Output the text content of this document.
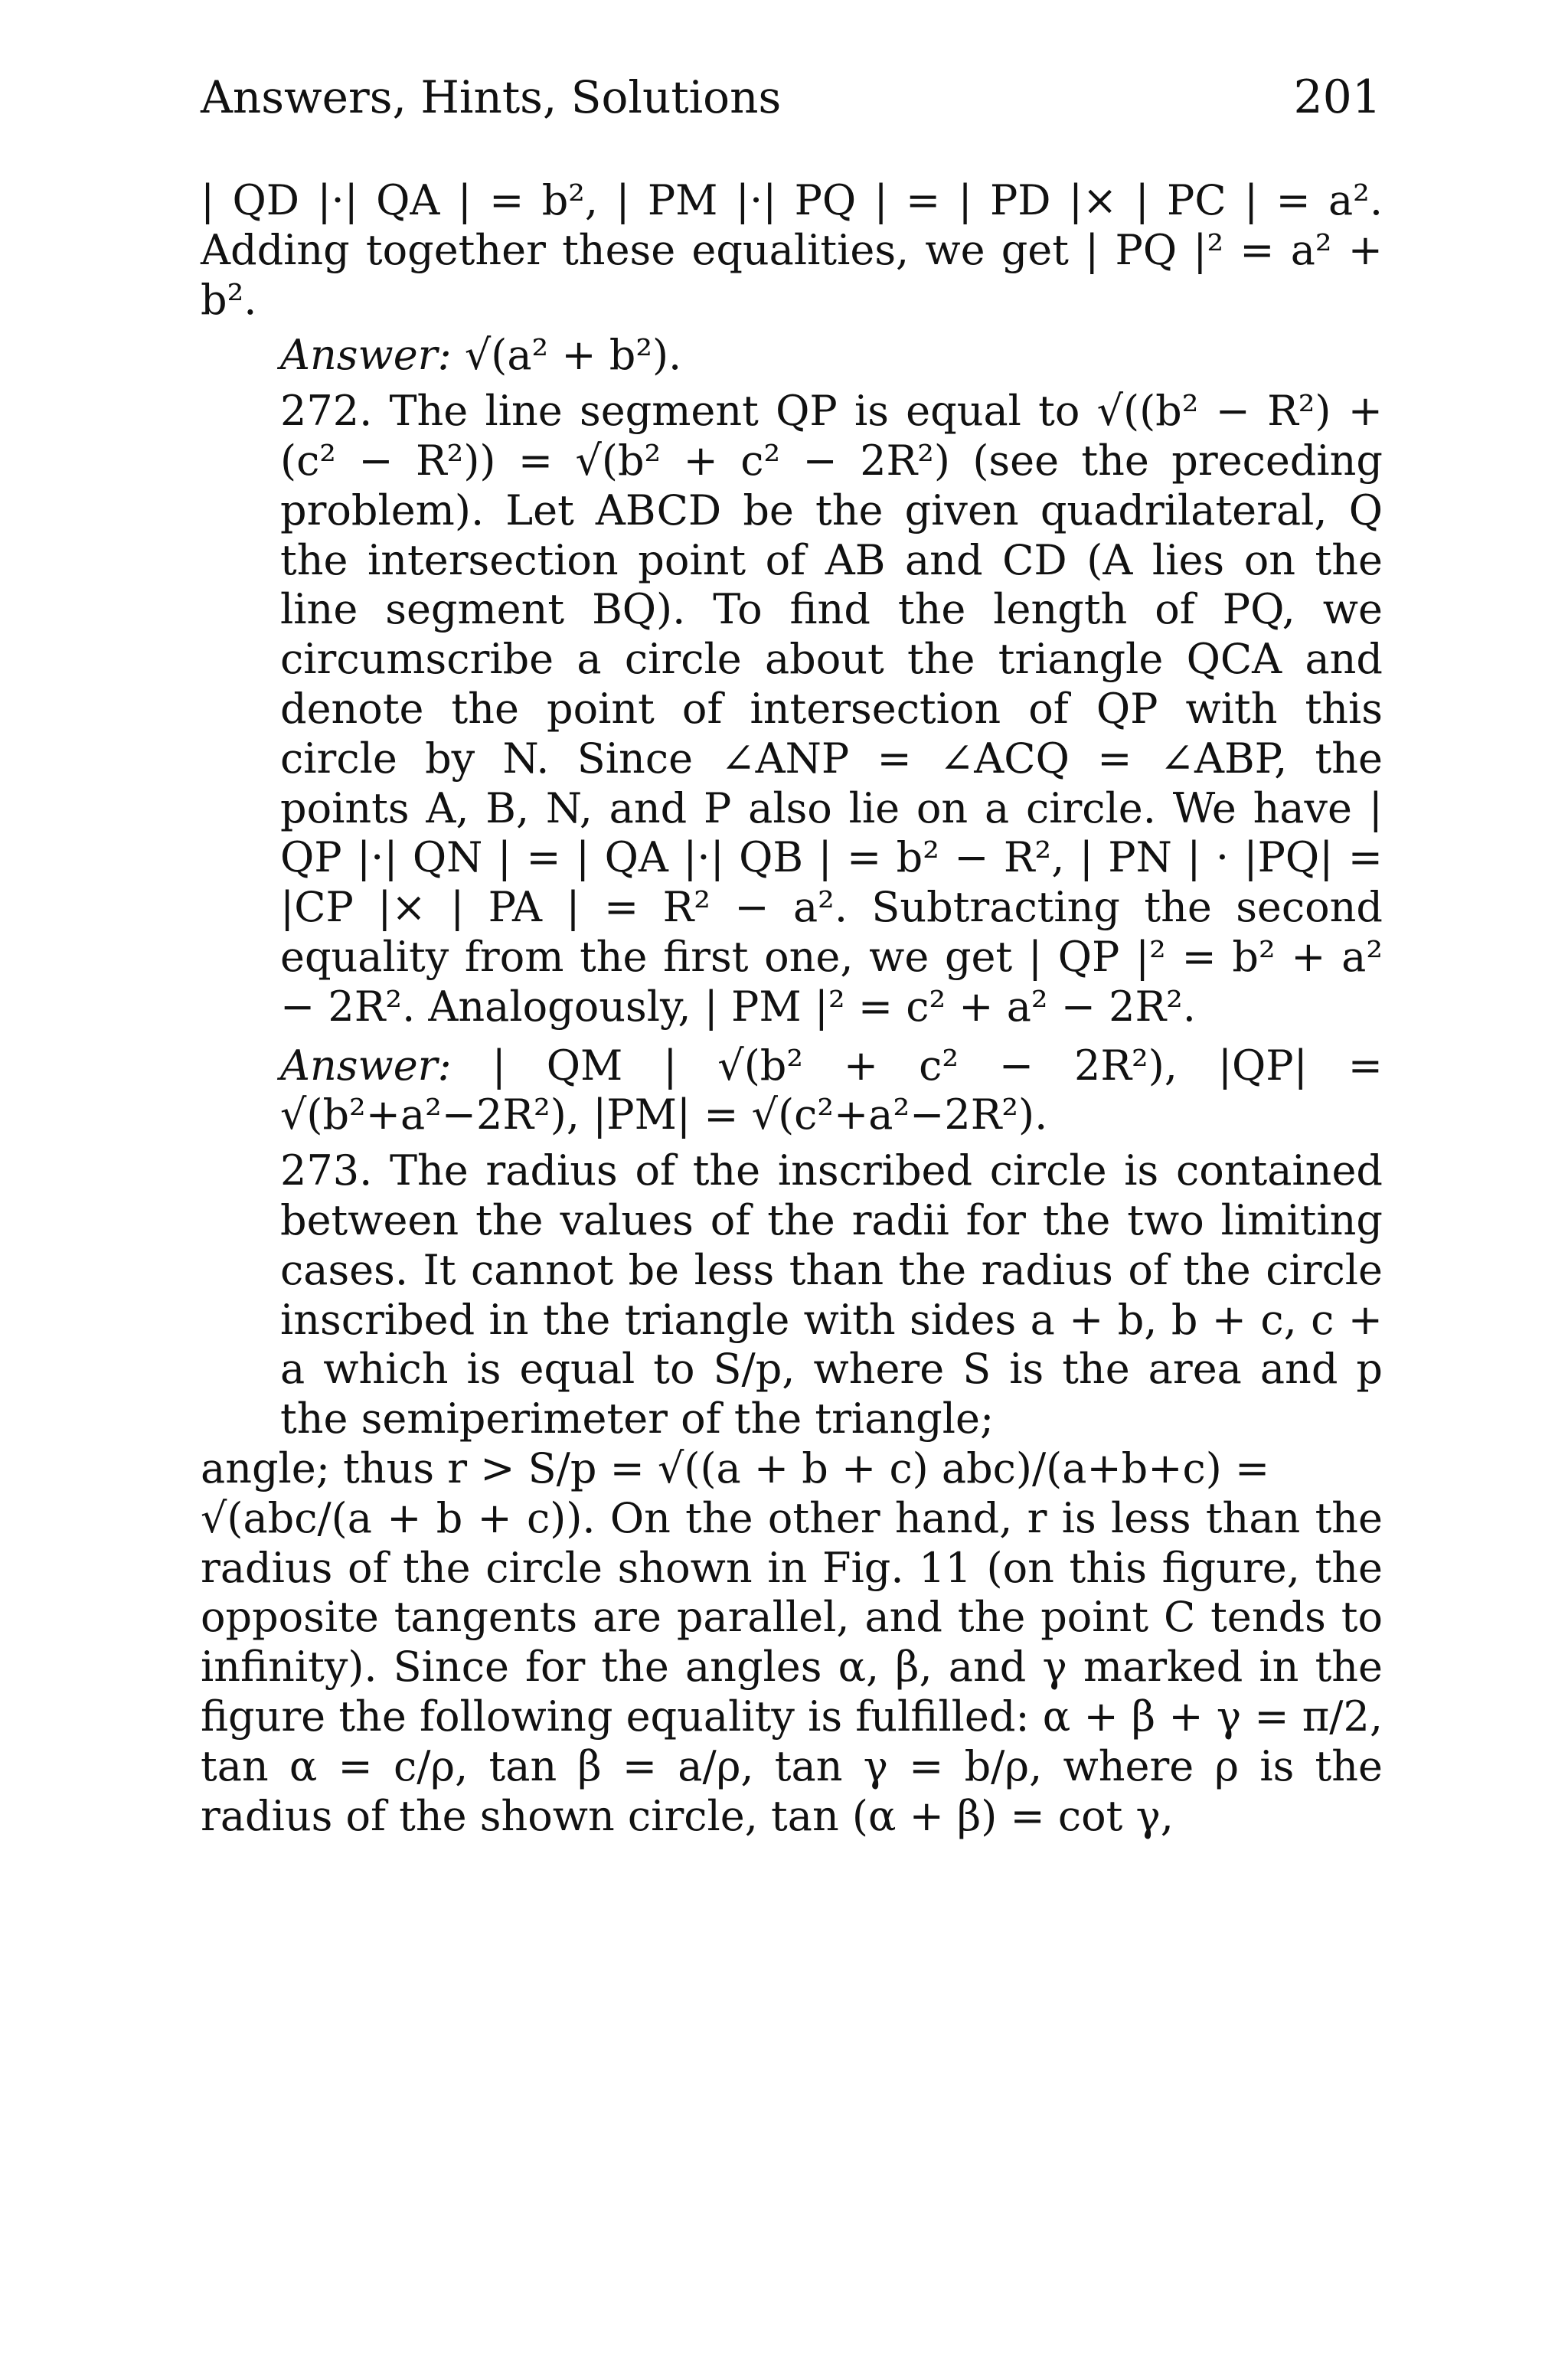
Answers, Hints, Solutions	201

| QD |·| QA | = b², | PM |·| PQ | = | PD |× | PC | = a². Adding together these equalities, we get | PQ |² = a² + b².

Answer: √(a² + b²).

272. The line segment QP is equal to √((b² − R²) + (c² − R²)) = √(b² + c² − 2R²) (see the preceding problem). Let ABCD be the given quadrilateral, Q the intersection point of AB and CD (A lies on the line segment BQ). To find the length of PQ, we circumscribe a circle about the triangle QCA and denote the point of intersection of QP with this circle by N. Since ∠ANP = ∠ACQ = ∠ABP, the points A, B, N, and P also lie on a circle. We have | QP |·| QN | = | QA |·| QB | = b² − R², | PN | · |PQ| = |CP |× | PA | = R² − a². Subtracting the second equality from the first one, we get | QP |² = b² + a² − 2R². Analogously, | PM |² = c² + a² − 2R².

Answer: | QM | √(b² + c² − 2R²), |QP| = √(b²+a²−2R²), |PM| = √(c²+a²−2R²).

273. The radius of the inscribed circle is contained between the values of the radii for the two limiting cases. It cannot be less than the radius of the circle inscribed in the triangle with sides a + b, b + c, c + a which is equal to S/p, where S is the area and p the semiperimeter of the triangle;

angle; thus r > S/p = √((a + b + c) abc)/(a+b+c) =

√(abc/(a + b + c)). On the other hand, r is less than the radius of the circle shown in Fig. 11 (on this figure, the opposite tangents are parallel, and the point C tends to infinity). Since for the angles α, β, and γ marked in the figure the following equality is fulfilled: α + β + γ = π/2, tan α = c/ρ, tan β = a/ρ, tan γ = b/ρ, where ρ is the radius of the shown circle, tan (α + β) = cot γ,
